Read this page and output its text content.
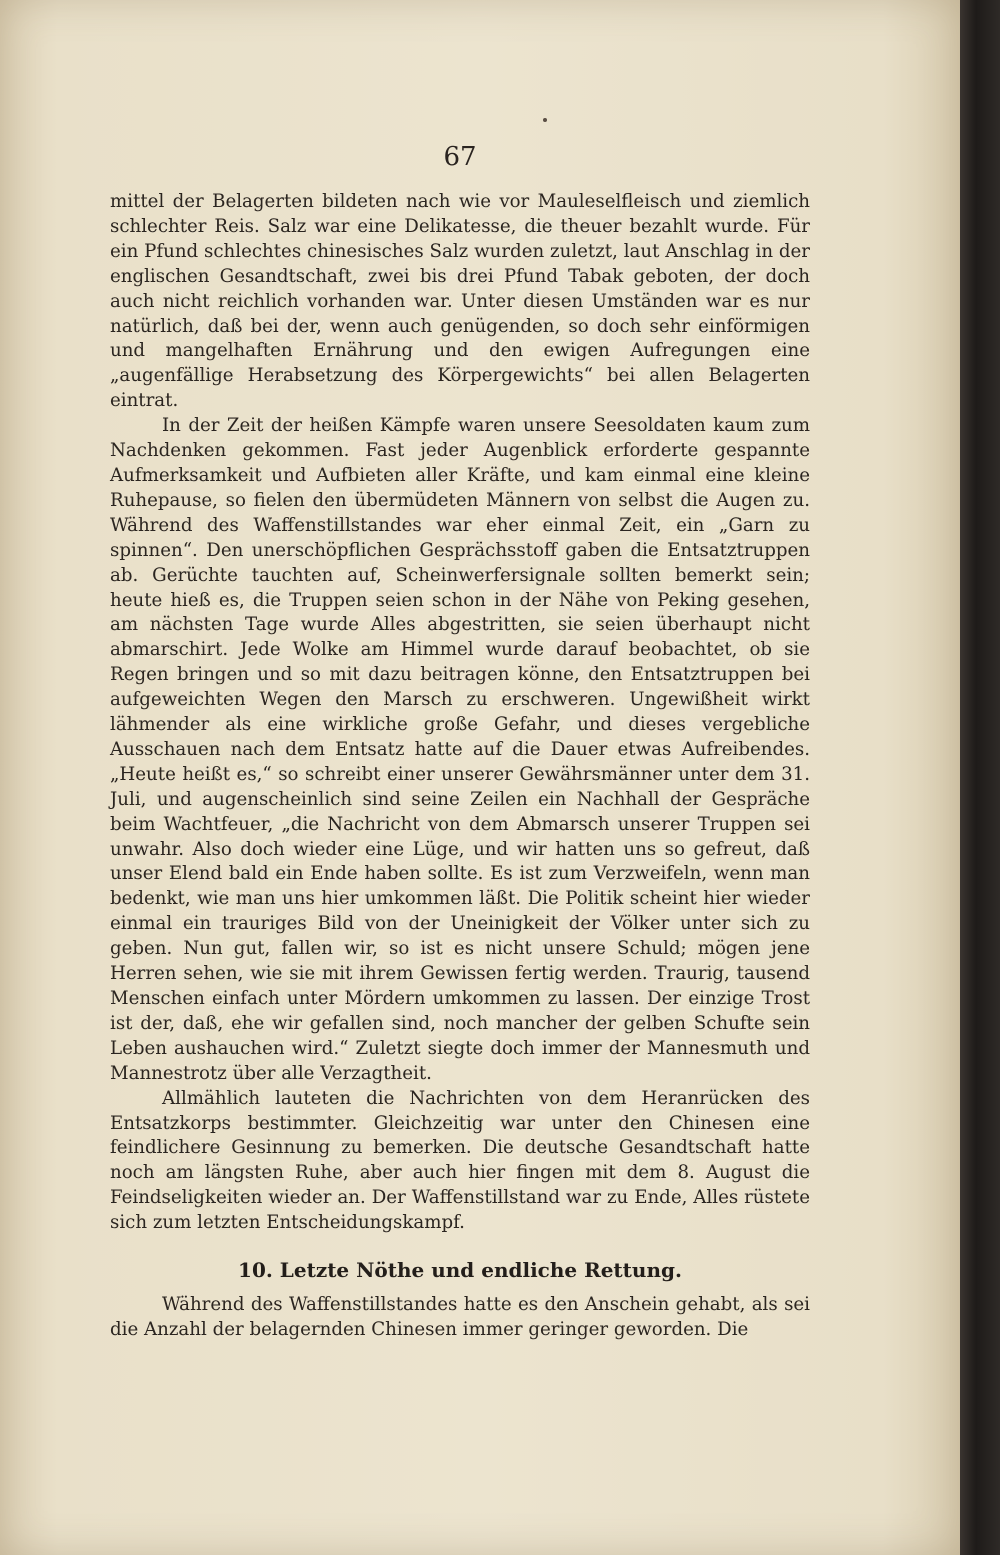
67

mittel der Belagerten bildeten nach wie vor Mauleselfleisch und ziemlich schlechter Reis. Salz war eine Delikatesse, die theuer bezahlt wurde. Für ein Pfund schlechtes chinesisches Salz wurden zuletzt, laut Anschlag in der englischen Gesandtschaft, zwei bis drei Pfund Tabak geboten, der doch auch nicht reichlich vorhanden war. Unter diesen Umständen war es nur natürlich, daß bei der, wenn auch genügenden, so doch sehr einförmigen und mangelhaften Ernährung und den ewigen Aufregungen eine „augenfällige Herabsetzung des Körpergewichts“ bei allen Belagerten eintrat.

In der Zeit der heißen Kämpfe waren unsere Seesoldaten kaum zum Nachdenken gekommen. Fast jeder Augenblick erforderte gespannte Aufmerksamkeit und Aufbieten aller Kräfte, und kam einmal eine kleine Ruhepause, so fielen den übermüdeten Männern von selbst die Augen zu. Während des Waffenstillstandes war eher einmal Zeit, ein „Garn zu spinnen“. Den unerschöpflichen Gesprächsstoff gaben die Entsatztruppen ab. Gerüchte tauchten auf, Scheinwerfersignale sollten bemerkt sein; heute hieß es, die Truppen seien schon in der Nähe von Peking gesehen, am nächsten Tage wurde Alles abgestritten, sie seien überhaupt nicht abmarschirt. Jede Wolke am Himmel wurde darauf beobachtet, ob sie Regen bringen und so mit dazu beitragen könne, den Entsatztruppen bei aufgeweichten Wegen den Marsch zu erschweren. Ungewißheit wirkt lähmender als eine wirkliche große Gefahr, und dieses vergebliche Ausschauen nach dem Entsatz hatte auf die Dauer etwas Aufreibendes. „Heute heißt es,“ so schreibt einer unserer Gewährsmänner unter dem 31. Juli, und augenscheinlich sind seine Zeilen ein Nachhall der Gespräche beim Wachtfeuer, „die Nachricht von dem Abmarsch unserer Truppen sei unwahr. Also doch wieder eine Lüge, und wir hatten uns so gefreut, daß unser Elend bald ein Ende haben sollte. Es ist zum Verzweifeln, wenn man bedenkt, wie man uns hier umkommen läßt. Die Politik scheint hier wieder einmal ein trauriges Bild von der Uneinigkeit der Völker unter sich zu geben. Nun gut, fallen wir, so ist es nicht unsere Schuld; mögen jene Herren sehen, wie sie mit ihrem Gewissen fertig werden. Traurig, tausend Menschen einfach unter Mördern umkommen zu lassen. Der einzige Trost ist der, daß, ehe wir gefallen sind, noch mancher der gelben Schufte sein Leben aushauchen wird.“ Zuletzt siegte doch immer der Mannesmuth und Mannestrotz über alle Verzagtheit.

Allmählich lauteten die Nachrichten von dem Heranrücken des Entsatzkorps bestimmter. Gleichzeitig war unter den Chinesen eine feindlichere Gesinnung zu bemerken. Die deutsche Gesandtschaft hatte noch am längsten Ruhe, aber auch hier fingen mit dem 8. August die Feindseligkeiten wieder an. Der Waffenstillstand war zu Ende, Alles rüstete sich zum letzten Entscheidungskampf.

10. Letzte Nöthe und endliche Rettung.

Während des Waffenstillstandes hatte es den Anschein gehabt, als sei die Anzahl der belagernden Chinesen immer geringer geworden. Die
